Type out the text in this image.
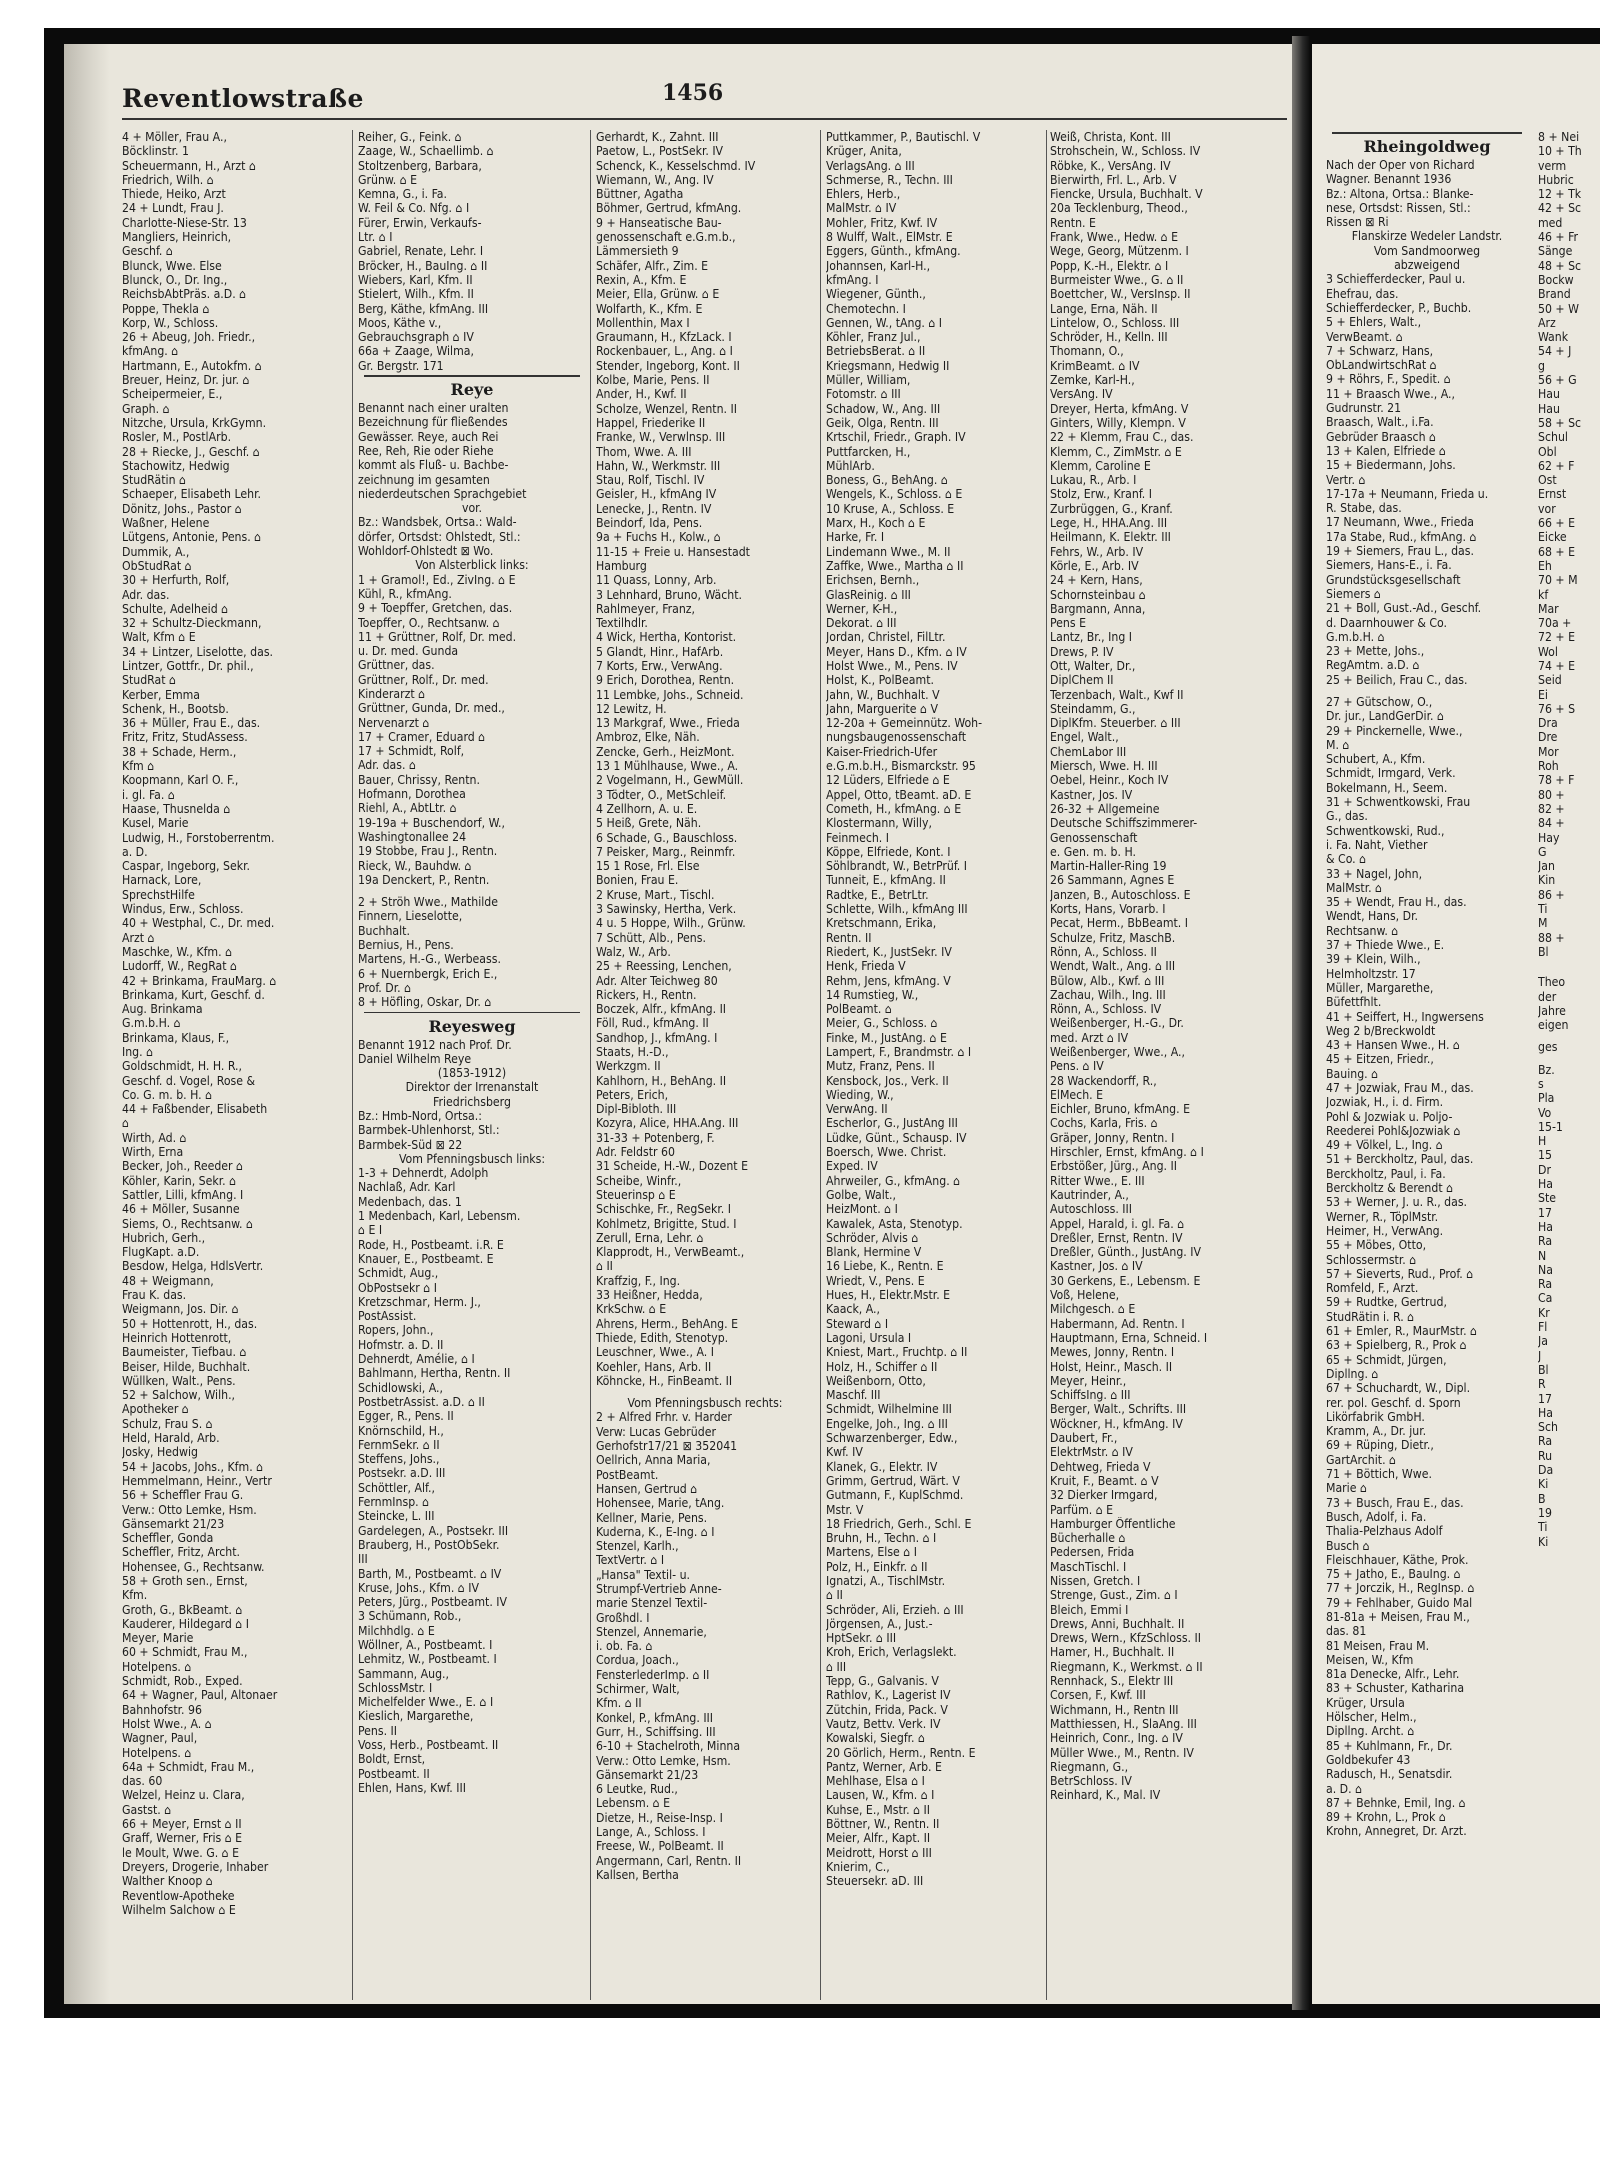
Reventlowstraße	1456
4 + Möller, Frau A.,
Böcklinstr. 1
Scheuermann, H., Arzt ⌂
Friedrich, Wilh. ⌂
Thiede, Heiko, Arzt
24 + Lundt, Frau J.
Charlotte-Niese-Str. 13
Mangliers, Heinrich,
Geschf. ⌂
Blunck, Wwe. Else
Blunck, O., Dr. Ing.,
ReichsbAbtPräs. a.D. ⌂
Poppe, Thekla ⌂
Korp, W., Schloss.
26 + Abeug, Joh. Friedr.,
kfmAng. ⌂
Hartmann, E., Autokfm. ⌂
Breuer, Heinz, Dr. jur. ⌂
Scheipermeier, E.,
Graph. ⌂
Nitzche, Ursula, KrkGymn.
Rosler, M., PostlArb.
28 + Riecke, J., Geschf. ⌂
Stachowitz, Hedwig
StudRätin ⌂
Schaeper, Elisabeth Lehr.
Dönitz, Johs., Pastor ⌂
Waßner, Helene
Lütgens, Antonie, Pens. ⌂
Dummik, A.,
ObStudRat ⌂
30 + Herfurth, Rolf,
Adr. das.
Schulte, Adelheid ⌂
32 + Schultz-Dieckmann,
Walt, Kfm ⌂ E
34 + Lintzer, Liselotte, das.
Lintzer, Gottfr., Dr. phil.,
StudRat ⌂
Kerber, Emma
Schenk, H., Bootsb.
36 + Müller, Frau E., das.
Fritz, Fritz, StudAssess.
38 + Schade, Herm.,
Kfm ⌂
Koopmann, Karl O. F.,
i. gl. Fa. ⌂
Haase, Thusnelda ⌂
Kusel, Marie
Ludwig, H., Forstoberrentm.
a. D.
Caspar, Ingeborg, Sekr.
Harnack, Lore,
SprechstHilfe
Windus, Erw., Schloss.
40 + Westphal, C., Dr. med.
Arzt ⌂
Maschke, W., Kfm. ⌂
Ludorff, W., RegRat ⌂
42 + Brinkama, FrauMarg. ⌂
Brinkama, Kurt, Geschf. d.
Aug. Brinkama
G.m.b.H. ⌂
Brinkama, Klaus, F.,
Ing. ⌂
Goldschmidt, H. H. R.,
Geschf. d. Vogel, Rose &
Co. G. m. b. H. ⌂
44 + Faßbender, Elisabeth
⌂
Wirth, Ad. ⌂
Wirth, Erna
Becker, Joh., Reeder ⌂
Köhler, Karin, Sekr. ⌂
Sattler, Lilli, kfmAng. I
46 + Möller, Susanne
Siems, O., Rechtsanw. ⌂
Hubrich, Gerh.,
FlugKapt. a.D.
Besdow, Helga, HdlsVertr.
48 + Weigmann,
Frau K. das.
Weigmann, Jos. Dir. ⌂
50 + Hottenrott, H., das.
Heinrich Hottenrott,
Baumeister, Tiefbau. ⌂
Beiser, Hilde, Buchhalt.
Wüllken, Walt., Pens.
52 + Salchow, Wilh.,
Apotheker ⌂
Schulz, Frau S. ⌂
Held, Harald, Arb.
Josky, Hedwig
54 + Jacobs, Johs., Kfm. ⌂
Hemmelmann, Heinr., Vertr
56 + Scheffler Frau G.
Verw.: Otto Lemke, Hsm.
Gänsemarkt 21/23
Scheffler, Gonda
Scheffler, Fritz, Archt.
Hohensee, G., Rechtsanw.
58 + Groth sen., Ernst,
Kfm.
Groth, G., BkBeamt. ⌂
Kauderer, Hildegard ⌂ I
Meyer, Marie
60 + Schmidt, Frau M.,
Hotelpens. ⌂
Schmidt, Rob., Exped.
64 + Wagner, Paul, Altonaer
Bahnhofstr. 96
Holst Wwe., A. ⌂
Wagner, Paul,
Hotelpens. ⌂
64a + Schmidt, Frau M.,
das. 60
Welzel, Heinz u. Clara,
Gastst. ⌂
66 + Meyer, Ernst ⌂ II
Graff, Werner, Fris ⌂ E
le Moult, Wwe. G. ⌂ E
Dreyers, Drogerie, Inhaber
Walther Knoop ⌂
Reventlow-Apotheke
Wilhelm Salchow ⌂ E
Reiher, G., Feink. ⌂
Zaage, W., Schaellimb. ⌂
Stoltzenberg, Barbara,
Grünw. ⌂ E
Kemna, G., i. Fa.
W. Feil & Co. Nfg. ⌂ I
Fürer, Erwin, Verkaufs-
Ltr. ⌂ I
Gabriel, Renate, Lehr. I
Bröcker, H., BauIng. ⌂ II
Wiebers, Karl, Kfm. II
Stielert, Wilh., Kfm. II
Berg, Käthe, kfmAng. III
Moos, Käthe v.,
Gebrauchsgraph ⌂ IV
66a + Zaage, Wilma,
Gr. Bergstr. 171
Reye
Benannt nach einer uralten
Bezeichnung für fließendes
Gewässer. Reye, auch Rei
Ree, Reh, Rie oder Riehe
kommt als Fluß- u. Bachbe-
zeichnung im gesamten
niederdeutschen Sprachgebiet
vor.
Bz.: Wandsbek, Ortsa.: Wald-
dörfer, Ortsdst: Ohlstedt, Stl.:
Wohldorf-Ohlstedt ⊠ Wo.
Von Alsterblick links:
1 + Gramol!, Ed., ZivIng. ⌂ E
Kühl, R., kfmAng.
9 + Toepffer, Gretchen, das.
Toepffer, O., Rechtsanw. ⌂
11 + Grüttner, Rolf, Dr. med.
u. Dr. med. Gunda
Grüttner, das.
Grüttner, Rolf., Dr. med.
Kinderarzt ⌂
Grüttner, Gunda, Dr. med.,
Nervenarzt ⌂
17 + Cramer, Eduard ⌂
17 + Schmidt, Rolf,
Adr. das. ⌂
Bauer, Chrissy, Rentn.
Hofmann, Dorothea
Riehl, A., AbtLtr. ⌂
19-19a + Buschendorf, W.,
Washingtonallee 24
19 Stobbe, Frau J., Rentn.
Rieck, W., Bauhdw. ⌂
19a Denckert, P., Rentn.
2 + Ströh Wwe., Mathilde
Finnern, Lieselotte,
Buchhalt.
Bernius, H., Pens.
Martens, H.-G., Werbeass.
6 + Nuernbergk, Erich E.,
Prof. Dr. ⌂
8 + Höfling, Oskar, Dr. ⌂
Reyesweg
Benannt 1912 nach Prof. Dr.
Daniel Wilhelm Reye
(1853-1912)
Direktor der Irrenanstalt
Friedrichsberg
Bz.: Hmb-Nord, Ortsa.:
Barmbek-Uhlenhorst, Stl.:
Barmbek-Süd ⊠ 22
Vom Pfenningsbusch links:
1-3 + Dehnerdt, Adolph
Nachlaß, Adr. Karl
Medenbach, das. 1
1 Medenbach, Karl, Lebensm.
⌂ E I
Rode, H., Postbeamt. i.R. E
Knauer, E., Postbeamt. E
Schmidt, Aug.,
ObPostsekr ⌂ I
Kretzschmar, Herm. J.,
PostAssist.
Ropers, John.,
Hofmstr. a. D. II
Dehnerdt, Amélie, ⌂ I
Bahlmann, Hertha, Rentn. II
Schidlowski, A.,
PostbetrAssist. a.D. ⌂ II
Egger, R., Pens. II
Knörnschild, H.,
FernmSekr. ⌂ II
Steffens, Johs.,
Postsekr. a.D. III
Schöttler, Alf.,
FernmInsp. ⌂
Steincke, L. III
Gardelegen, A., Postsekr. III
Brauberg, H., PostObSekr.
III
Barth, M., Postbeamt. ⌂ IV
Kruse, Johs., Kfm. ⌂ IV
Peters, Jürg., Postbeamt. IV
3 Schümann, Rob.,
Milchhdlg. ⌂ E
Wöllner, A., Postbeamt. I
Lehmitz, W., Postbeamt. I
Sammann, Aug.,
SchlossMstr. I
Michelfelder Wwe., E. ⌂ I
Kieslich, Margarethe,
Pens. II
Voss, Herb., Postbeamt. II
Boldt, Ernst,
Postbeamt. II
Ehlen, Hans, Kwf. III
Gerhardt, K., Zahnt. III
Paetow, L., PostSekr. IV
Schenck, K., Kesselschmd. IV
Wiemann, W., Ang. IV
Büttner, Agatha
Böhmer, Gertrud, kfmAng.
9 + Hanseatische Bau-
genossenschaft e.G.m.b.,
Lämmersieth 9
Schäfer, Alfr., Zim. E
Rexin, A., Kfm. E
Meier, Ella, Grünw. ⌂ E
Wolfarth, K., Kfm. E
Mollenthin, Max I
Graumann, H., KfzLack. I
Rockenbauer, L., Ang. ⌂ I
Stender, Ingeborg, Kont. II
Kolbe, Marie, Pens. II
Ander, H., Kwf. II
Scholze, Wenzel, Rentn. II
Happel, Friederike II
Franke, W., Verwlnsp. III
Thom, Wwe. A. III
Hahn, W., Werkmstr. III
Stau, Rolf, Tischl. IV
Geisler, H., kfmAng IV
Lenecke, J., Rentn. IV
Beindorf, Ida, Pens.
9a + Fuchs H., Kolw., ⌂
11-15 + Freie u. Hansestadt
Hamburg
11 Quass, Lonny, Arb.
3 Lehnhard, Bruno, Wächt.
Rahlmeyer, Franz,
Textilhdlr.
4 Wick, Hertha, Kontorist.
5 Glandt, Hinr., HafArb.
7 Korts, Erw., VerwAng.
9 Erich, Dorothea, Rentn.
11 Lembke, Johs., Schneid.
12 Lewitz, H.
13 Markgraf, Wwe., Frieda
Ambroz, Elke, Näh.
Zencke, Gerh., HeizMont.
13 1 Mühlhause, Wwe., A.
2 Vogelmann, H., GewMüll.
3 Tödter, O., MetSchleif.
4 Zellhorn, A. u. E.
5 Heiß, Grete, Näh.
6 Schade, G., Bauschloss.
7 Peisker, Marg., Reinmfr.
15 1 Rose, Frl. Else
Bonien, Frau E.
2 Kruse, Mart., Tischl.
3 Sawinsky, Hertha, Verk.
4 u. 5 Hoppe, Wilh., Grünw.
7 Schütt, Alb., Pens.
Walz, W., Arb.
25 + Reessing, Lenchen,
Adr. Alter Teichweg 80
Rickers, H., Rentn.
Boczek, Alfr., kfmAng. II
Föll, Rud., kfmAng. II
Sandhop, J., kfmAng. I
Staats, H.-D.,
Werkzgm. II
Kahlhorn, H., BehAng. II
Peters, Erich,
Dipl-Bibloth. III
Kozyra, Alice, HHA.Ang. III
31-33 + Potenberg, F.
Adr. Feldstr 60
31 Scheide, H.-W., Dozent E
Scheibe, Winfr.,
Steuerinsp ⌂ E
Schischke, Fr., RegSekr. I
Kohlmetz, Brigitte, Stud. I
Zerull, Erna, Lehr. ⌂
Klapprodt, H., VerwBeamt.,
⌂ II
Kraffzig, F., Ing.
33 Heißner, Hedda,
KrkSchw. ⌂ E
Ahrens, Herm., BehAng. E
Thiede, Edith, Stenotyp.
Leuschner, Wwe., A. I
Koehler, Hans, Arb. II
Köhncke, H., FinBeamt. II
Vom Pfenningsbusch rechts:
2 + Alfred Frhr. v. Harder
Verw: Lucas Gebrüder
Gerhofstr17/21 ⊠ 352041
Oellrich, Anna Maria,
PostBeamt.
Hansen, Gertrud ⌂
Hohensee, Marie, tAng.
Kellner, Marie, Pens.
Kuderna, K., E-Ing. ⌂ I
Stenzel, Karlh.,
TextVertr. ⌂ I
„Hansa" Textil- u.
Strumpf-Vertrieb Anne-
marie Stenzel Textil-
Großhdl. I
Stenzel, Annemarie,
i. ob. Fa. ⌂
Cordua, Joach.,
FensterlederImp. ⌂ II
Schirmer, Walt,
Kfm. ⌂ II
Konkel, P., kfmAng. III
Gurr, H., Schiffsing. III
6-10 + Stachelroth, Minna
Verw.: Otto Lemke, Hsm.
Gänsemarkt 21/23
6 Leutke, Rud.,
Lebensm. ⌂ E
Dietze, H., Reise-Insp. I
Lange, A., Schloss. I
Freese, W., PolBeamt. II
Angermann, Carl, Rentn. II
Kallsen, Bertha
Puttkammer, P., Bautischl. V
Krüger, Anita,
VerlagsAng. ⌂ III
Schmerse, R., Techn. III
Ehlers, Herb.,
MalMstr. ⌂ IV
Mohler, Fritz, Kwf. IV
8 Wulff, Walt., ElMstr. E
Eggers, Günth., kfmAng.
Johannsen, Karl-H.,
kfmAng. I
Wiegener, Günth.,
Chemotechn. I
Gennen, W., tAng. ⌂ I
Köhler, Franz Jul.,
BetriebsBerat. ⌂ II
Kriegsmann, Hedwig II
Müller, William,
Fotomstr. ⌂ III
Schadow, W., Ang. III
Geik, Olga, Rentn. III
Krtschil, Friedr., Graph. IV
Puttfarcken, H.,
MühlArb.
Boness, G., BehAng. ⌂
Wengels, K., Schloss. ⌂ E
10 Kruse, A., Schloss. E
Marx, H., Koch ⌂ E
Harke, Fr. I
Lindemann Wwe., M. II
Zaffke, Wwe., Martha ⌂ II
Erichsen, Bernh.,
GlasReinig. ⌂ III
Werner, K-H.,
Dekorat. ⌂ III
Jordan, Christel, FilLtr.
Meyer, Hans D., Kfm. ⌂ IV
Holst Wwe., M., Pens. IV
Holst, K., PolBeamt.
Jahn, W., Buchhalt. V
Jahn, Marguerite ⌂ V
12-20a + Gemeinnütz. Woh-
nungsbaugenossenschaft
Kaiser-Friedrich-Ufer
e.G.m.b.H., Bismarckstr. 95
12 Lüders, Elfriede ⌂ E
Appel, Otto, tBeamt. aD. E
Cometh, H., kfmAng. ⌂ E
Klostermann, Willy,
Feinmech. I
Köppe, Elfriede, Kont. I
Söhlbrandt, W., BetrPrüf. I
Tunneit, E., kfmAng. II
Radtke, E., BetrLtr.
Schlette, Wilh., kfmAng III
Kretschmann, Erika,
Rentn. II
Riedert, K., JustSekr. IV
Henk, Frieda V
Rehm, Jens, kfmAng. V
14 Rumstieg, W.,
PolBeamt. ⌂
Meier, G., Schloss. ⌂
Finke, M., JustAng. ⌂ E
Lampert, F., Brandmstr. ⌂ I
Mutz, Franz, Pens. II
Kensbock, Jos., Verk. II
Wieding, W.,
VerwAng. II
Escherlor, G., JustAng III
Lüdke, Günt., Schausp. IV
Boersch, Wwe. Christ.
Exped. IV
Ahrweiler, G., kfmAng. ⌂
Golbe, Walt.,
HeizMont. ⌂ I
Kawalek, Asta, Stenotyp.
Schröder, Alvis ⌂
Blank, Hermine V
16 Liebe, K., Rentn. E
Wriedt, V., Pens. E
Hues, H., Elektr.Mstr. E
Kaack, A.,
Steward ⌂ I
Lagoni, Ursula I
Kniest, Mart., Fruchtp. ⌂ II
Holz, H., Schiffer ⌂ II
Weißenborn, Otto,
Maschf. III
Schmidt, Wilhelmine III
Engelke, Joh., Ing. ⌂ III
Schwarzenberger, Edw.,
Kwf. IV
Klanek, G., Elektr. IV
Grimm, Gertrud, Wärt. V
Gutmann, F., KuplSchmd.
Mstr. V
18 Friedrich, Gerh., Schl. E
Bruhn, H., Techn. ⌂ I
Martens, Else ⌂ I
Polz, H., Einkfr. ⌂ II
Ignatzi, A., TischlMstr.
⌂ II
Schröder, Ali, Erzieh. ⌂ III
Jörgensen, A., Just.-
HptSekr. ⌂ III
Kroh, Erich, Verlagslekt.
⌂ III
Tepp, G., Galvanis. V
Rathlov, K., Lagerist IV
Zütchin, Frida, Pack. V
Vautz, Bettv. Verk. IV
Kowalski, Siegfr. ⌂
20 Görlich, Herm., Rentn. E
Pantz, Werner, Arb. E
Mehlhase, Elsa ⌂ I
Lausen, W., Kfm. ⌂ I
Kuhse, E., Mstr. ⌂ II
Böttner, W., Rentn. II
Meier, Alfr., Kapt. II
Meidrott, Horst ⌂ III
Knierim, C.,
Steuersekr. aD. III
Weiß, Christa, Kont. III
Strohschein, W., Schloss. IV
Röbke, K., VersAng. IV
Bierwirth, Frl. L., Arb. V
Fiencke, Ursula, Buchhalt. V
20a Tecklenburg, Theod.,
Rentn. E
Frank, Wwe., Hedw. ⌂ E
Wege, Georg, Mützenm. I
Popp, K.-H., Elektr. ⌂ I
Burmeister Wwe., G. ⌂ II
Boettcher, W., VersInsp. II
Lange, Erna, Näh. II
Lintelow, O., Schloss. III
Schröder, H., Kelln. III
Thomann, O.,
KrimBeamt. ⌂ IV
Zemke, Karl-H.,
VersAng. IV
Dreyer, Herta, kfmAng. V
Ginters, Willy, Klempn. V
22 + Klemm, Frau C., das.
Klemm, C., ZimMstr. ⌂ E
Klemm, Caroline E
Lukau, R., Arb. I
Stolz, Erw., Kranf. I
Zurbrüggen, G., Kranf.
Lege, H., HHA.Ang. III
Heilmann, K. Elektr. III
Fehrs, W., Arb. IV
Körle, E., Arb. IV
24 + Kern, Hans,
Schornsteinbau ⌂
Bargmann, Anna,
Pens E
Lantz, Br., Ing I
Drews, P. IV
Ott, Walter, Dr.,
DiplChem II
Terzenbach, Walt., Kwf II
Steindamm, G.,
DiplKfm. Steuerber. ⌂ III
Engel, Walt.,
ChemLabor III
Miersch, Wwe. H. III
Oebel, Heinr., Koch IV
Kastner, Jos. IV
26-32 + Allgemeine
Deutsche Schiffszimmerer-
Genossenschaft
e. Gen. m. b. H.
Martin-Haller-Ring 19
26 Sammann, Agnes E
Janzen, B., Autoschloss. E
Korts, Hans, Vorarb. I
Pecat, Herm., BbBeamt. I
Schulze, Fritz, MaschB.
Rönn, A., Schloss. II
Wendt, Walt., Ang. ⌂ III
Bülow, Alb., Kwf. ⌂ III
Zachau, Wilh., Ing. III
Rönn, A., Schloss. IV
Weißenberger, H.-G., Dr.
med. Arzt ⌂ IV
Weißenberger, Wwe., A.,
Pens. ⌂ IV
28 Wackendorff, R.,
ElMech. E
Eichler, Bruno, kfmAng. E
Cochs, Karla, Fris. ⌂
Gräper, Jonny, Rentn. I
Hirschler, Ernst, kfmAng. ⌂ I
Erbstößer, Jürg., Ang. II
Ritter Wwe., E. III
Kautrinder, A.,
Autoschloss. III
Appel, Harald, i. gl. Fa. ⌂
Dreßler, Ernst, Rentn. IV
Dreßler, Günth., JustAng. IV
Kastner, Jos. ⌂ IV
30 Gerkens, E., Lebensm. E
Voß, Helene,
Milchgesch. ⌂ E
Habermann, Ad. Rentn. I
Hauptmann, Erna, Schneid. I
Mewes, Jonny, Rentn. I
Holst, Heinr., Masch. II
Meyer, Heinr.,
SchiffsIng. ⌂ III
Berger, Walt., Schrifts. III
Wöckner, H., kfmAng. IV
Daubert, Fr.,
ElektrMstr. ⌂ IV
Dehtweg, Frieda V
Kruit, F., Beamt. ⌂ V
32 Dierker Irmgard,
Parfüm. ⌂ E
Hamburger Öffentliche
Bücherhalle ⌂
Pedersen, Frida
MaschTischl. I
Nissen, Gretch. I
Strenge, Gust., Zim. ⌂ I
Bleich, Emmi I
Drews, Anni, Buchhalt. II
Drews, Wern., KfzSchloss. II
Hamer, H., Buchhalt. II
Riegmann, K., Werkmst. ⌂ II
Rennhack, S., Elektr III
Corsen, F., Kwf. III
Wichmann, H., Rentn III
Matthiessen, H., SlaAng. III
Heinrich, Conr., Ing. ⌂ IV
Müller Wwe., M., Rentn. IV
Riegmann, G.,
BetrSchloss. IV
Reinhard, K., Mal. IV
Rheingoldweg
Nach der Oper von Richard
Wagner. Benannt 1936
Bz.: Altona, Ortsa.: Blanke-
nese, Ortsdst: Rissen, Stl.:
Rissen ⊠ Ri
Flanskirze Wedeler Landstr.
Vom Sandmoorweg
abzweigend
3 Schiefferdecker, Paul u.
Ehefrau, das.
Schiefferdecker, P., Buchb.
5 + Ehlers, Walt.,
VerwBeamt. ⌂
7 + Schwarz, Hans,
ObLandwirtschRat ⌂
9 + Röhrs, F., Spedit. ⌂
11 + Braasch Wwe., A.,
Gudrunstr. 21
Braasch, Walt., i.Fa.
Gebrüder Braasch ⌂
13 + Kalen, Elfriede ⌂
15 + Biedermann, Johs.
Vertr. ⌂
17-17a + Neumann, Frieda u.
R. Stabe, das.
17 Neumann, Wwe., Frieda
17a Stabe, Rud., kfmAng. ⌂
19 + Siemers, Frau L., das.
Siemers, Hans-E., i. Fa.
Grundstücksgesellschaft
Siemers ⌂
21 + Boll, Gust.-Ad., Geschf.
d. Daarnhouwer & Co.
G.m.b.H. ⌂
23 + Mette, Johs.,
RegAmtm. a.D. ⌂
25 + Beilich, Frau C., das.
27 + Gütschow, O.,
Dr. jur., LandGerDir. ⌂
29 + Pinckernelle, Wwe.,
M. ⌂
Schubert, A., Kfm.
Schmidt, Irmgard, Verk.
Bokelmann, H., Seem.
31 + Schwentkowski, Frau
G., das.
Schwentkowski, Rud.,
i. Fa. Naht, Viether
& Co. ⌂
33 + Nagel, John,
MalMstr. ⌂
35 + Wendt, Frau H., das.
Wendt, Hans, Dr.
Rechtsanw. ⌂
37 + Thiede Wwe., E.
39 + Klein, Wilh.,
Helmholtzstr. 17
Müller, Margarethe,
Büfettfhlt.
41 + Seiffert, H., Ingwersens
Weg 2 b/Breckwoldt
43 + Hansen Wwe., H. ⌂
45 + Eitzen, Friedr.,
Bauing. ⌂
47 + Jozwiak, Frau M., das.
Jozwiak, H., i. d. Firm.
Pohl & Jozwiak u. Poljo-
Reederei Pohl&Jozwiak ⌂
49 + Völkel, L., Ing. ⌂
51 + Berckholtz, Paul, das.
Berckholtz, Paul, i. Fa.
Berckholtz & Berendt ⌂
53 + Werner, J. u. R., das.
Werner, R., TöplMstr.
Heimer, H., VerwAng.
55 + Möbes, Otto,
Schlossermstr. ⌂
57 + Sieverts, Rud., Prof. ⌂
Romfeld, F., Arzt.
59 + Rudtke, Gertrud,
StudRätin i. R. ⌂
61 + Emler, R., MaurMstr. ⌂
63 + Spielberg, R., Prok ⌂
65 + Schmidt, Jürgen,
Dipllng. ⌂
67 + Schuchardt, W., Dipl.
rer. pol. Geschf. d. Sporn
Likörfabrik GmbH.
Kramm, A., Dr. jur.
69 + Rüping, Dietr.,
GartArchit. ⌂
71 + Böttich, Wwe.
Marie ⌂
73 + Busch, Frau E., das.
Busch, Adolf, i. Fa.
Thalia-Pelzhaus Adolf
Busch ⌂
Fleischhauer, Käthe, Prok.
75 + Jatho, E., BauIng. ⌂
77 + Jorczik, H., RegInsp. ⌂
79 + Fehlhaber, Guido Mal
81-81a + Meisen, Frau M.,
das. 81
81 Meisen, Frau M.
Meisen, W., Kfm
81a Denecke, Alfr., Lehr.
83 + Schuster, Katharina
Krüger, Ursula
Hölscher, Helm.,
Dipllng. Archt. ⌂
85 + Kuhlmann, Fr., Dr.
Goldbekufer 43
Radusch, H., Senatsdir.
a. D. ⌂
87 + Behnke, Emil, Ing. ⌂
89 + Krohn, L., Prok ⌂
Krohn, Annegret, Dr. Arzt.
8 + Nei
10 + Th
verm
Hubric
12 + Tk
42 + Sc
med
46 + Fr
Sänge
48 + Sc
Bockw
Brand
50 + W
Arz
Wank
54 + J
g
56 + G
Hau
Hau
58 + Sc
Schul
Obl
62 + F
Ost
Ernst
vor
66 + E
Eicke
68 + E
Eh
70 + M
kf
Mar
70a +
72 + E
Wol
74 + E
Seid
Ei
76 + S
Dra
Dre
Mor
Roh
78 + F
80 +
82 +
84 +
Hay
G
Jan
Kin
86 +
Ti
M
88 +
Bl
Theo
der
Jahre
eigen
ges
Bz.
s
Pla
Vo
15-1
H
15
Dr
Ha
Ste
17
Ha
Ra
N
Na
Ra
Ca
Kr
Fl
Ja
J
Bl
R
17
Ha
Sch
Ra
Ru
Da
Ki
B
19
Ti
Ki
